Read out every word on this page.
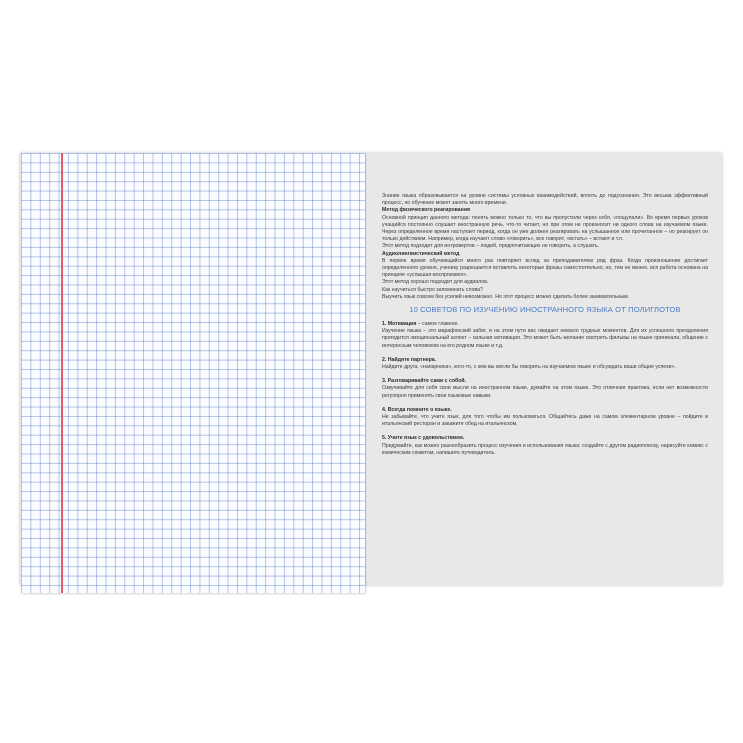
Знание языка образовывается на уровне системы условных взаимодействий, вплоть до подсознания. Это весьма эффективный процесс, но обучение может занять много времени.

Метод физического реагирования

Основной принцип данного метода: понять можно только то, что вы пропустили через себя, «пощупали». Во время первых уроков учащийся постоянно слушает иностранную речь, что-то читает, но при этом не произносит ни одного слова на изучаемом языке. Через определенное время наступает период, когда он уже должен реагировать на услышанное или прочитанное – но реагирует он только действием. Например, когда изучают слово «говорить», все говорят, «встать» – встают и т.п.

Этот метод подходит для интровертов – людей, предпочитающих не говорить, а слушать.

Аудиолингвистический метод

В первое время обучающийся много раз повторяет вслед за преподавателем ряд фраз. Когда произношение достигает определенного уровня, ученику разрешается вставлять некоторые фразы самостоятельно, но, тем не менее, вся работа основана на принципе «услышал-воспроизвел».

Этот метод хорошо подходит для аудиалов.

Как научиться быстро запоминать слова?

Выучить язык совсем без усилий невозможно. Но этот процесс можно сделать более занимательным.

10 СОВЕТОВ ПО ИЗУЧЕНИЮ ИНОСТРАННОГО ЯЗЫКА ОТ ПОЛИГЛОТОВ

1. Мотивация – самое главное.

Изучение языка – это марафонский забег, и на этом пути вас ожидает немало трудных моментов. Для их успешного преодоления пригодится эмоциональный аспект – сильная мотивация. Это может быть желание смотреть фильмы на языке оригинала, общение с интересным человеком на его родном языке и т.д.

2. Найдите партнера.

Найдите друга, «напарника», кого-то, с кем вы могли бы говорить на изучаемом языке и обсуждать ваши общие успехи».

3. Разговаривайте сами с собой.

Озвучивайте для себя свои мысли на иностранном языке, думайте на этом языке. Это отличная практика, если нет возможности регулярно применять свои языковые навыки.

4. Всегда помните о языке.

Не забывайте, что учите язык, для того чтобы им пользоваться. Общайтесь даже на самом элементарном уровне – пойдите в итальянский ресторан и закажите обед на итальянском.

5. Учите язык с удовольствием.

Придумайте, как можно разнообразить процесс изучения и использования языка: создайте с другом радиоплеску, нарисуйте комикс с комическим сюжетом, напишите путеводитель.
